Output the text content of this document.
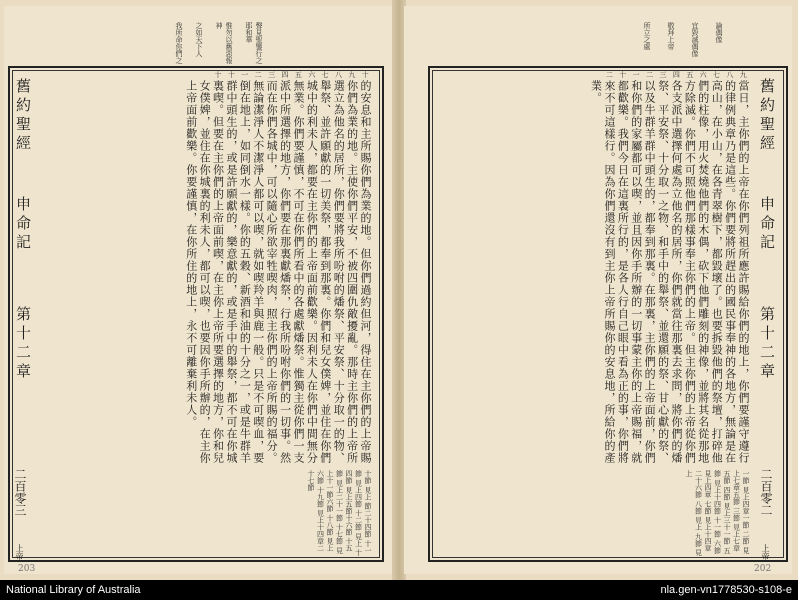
聲見聖鑒行之耶和華
惟勿以舊惡報神
之如天下人
我所命你們之
舊約聖經
申命記
第十二章
二百零三
上帝
十
九
八
七
六
五
四
三
二
一
十
十
的安息和主所賜你們為業的地。但你們過約但河，得住在主你們的上帝賜你們為業的地。主使你們平安，不被四圍仇敵擾亂。那時主你們的上帝所選立為他名的居所，你們要將我所吩咐的燔祭、平安祭、十分取一的物、舉祭、並許願獻的一切美祭，都奉到那裏。你們和兒女僕婢，並住在你們城中的利未人，都要在主你們的上帝面前歡樂。因利未人在你們中間無分無業。你們要謹慎，不可在你們所看中的各處獻燔祭。惟獨主從你們一支派中所選擇的地方，你們要在那裏獻燔祭，行我所吩咐你們的一切事。然而在你們各城中，可以隨心所欲宰牲喫肉，照主你們的上帝所賜的福分。無論潔淨人不潔淨人都可以喫，就如喫羚羊與鹿一般。只是不可喫血，要倒在地上，如同倒水一樣。你的五穀、新酒和油的十分之一，或是牛群羊群中頭生的，或是許願獻的，樂意獻的，或是手中的舉祭，都不可在你城裏喫。但要在主你們的上帝面前喫，在主你上帝所要選擇的地方，你和兒女僕婢，並住在你城裏的利未人，都可以喫，也要因你手所辦的，在主你上帝面前歡樂。你要謹慎，在你所住的地上，永不可離棄利未人。
十節 見上 節二十四節 十一節 見上四節 十二節 見上 十四節 見上五節十六節 十五節 見上二十一節 十七節 見上十一節六節 十八節 見上六節 十九節 見上十四章二十七節
203
論偶像
宜毀滅偶像
敬拜上帝
所立之處
九
八
七
六
五
四
三
二
一
十
二
當日，主你們的上帝在你們列祖所應許賜給你們的地上，你們要謹守遵行的律例典章乃是這些。你們要將所趕出的國民事奉神的各地方，無論是在高山，在小山，在各青翠樹下，都毀壞了。也要拆毀他們的祭壇，打碎他們的柱像，用火焚燒他們的木偶，砍下他們雕刻的神像，並將其名從那地方除滅。你們不可照他們那樣事奉主你們的上帝。但主你們的上帝從你們各支派中選擇何處為立他名的居所，你們就當往那裏去求問，將你們的燔祭、平安祭、十分取一之物、和手中的舉祭、並還願的祭、甘心獻的祭、以及牛群羊群中頭生的，都奉到那裏。在那裏，主你們的上帝面前，你們和你們的家屬都可以喫，並且因你手所辦的一切事蒙主你的上帝賜福，就都歡樂。我們今日在這裏所行的，是各人行自己眼中看為正的事，你們將來不可這樣行。因為你們還沒有到主你上帝所賜你的安息地，所給你的產業。
一節 見上四章一節 二節 見上七章五節 三節 見上七章五節 四節 見上三十一節 五節 見上十四節 十一節 六節 見上四章 七節 見上十四章二十六節 八節 見上 九節 見上
舊約聖經
申命記
第十二章
二百零二
上帝
202
National Library of Australia	nla.gen-vn1778530-s108-e
